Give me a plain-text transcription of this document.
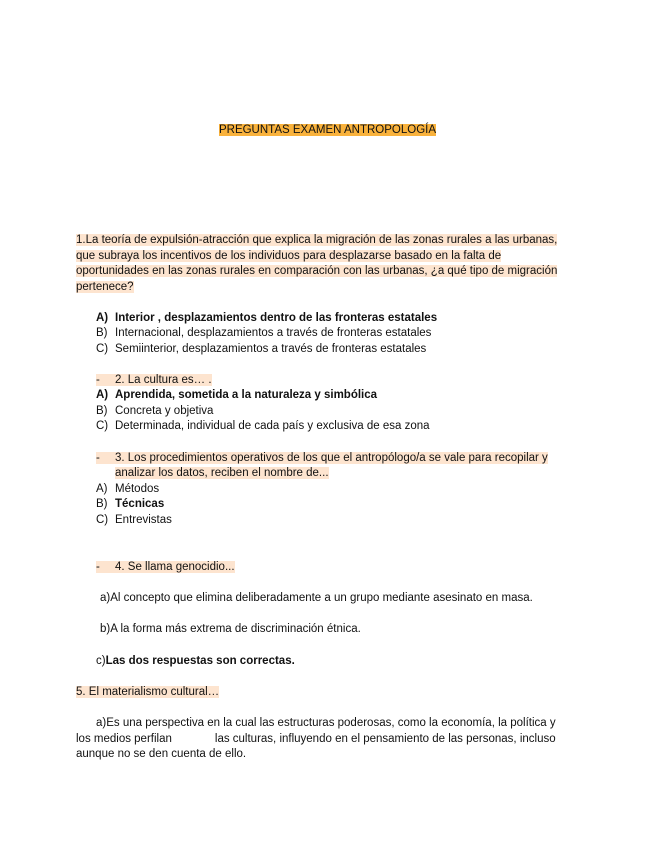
PREGUNTAS EXAMEN ANTROPOLOGÍA
1.La teoría de expulsión-atracción que explica la migración de las zonas rurales a las urbanas, que subraya los incentivos de los individuos para desplazarse basado en la falta de oportunidades en las zonas rurales en comparación con las urbanas, ¿a qué tipo de migración pertenece?
A) Interior , desplazamientos dentro de las fronteras estatales
B) Internacional, desplazamientos a través de fronteras estatales
C) Semiinterior, desplazamientos a través de fronteras estatales
- 2. La cultura es… .
A) Aprendida, sometida a la naturaleza y simbólica
B) Concreta y objetiva
C) Determinada, individual de cada país y exclusiva de esa zona
- 3. Los procedimientos operativos de los que el antropólogo/a se vale para recopilar y
analizar los datos, reciben el nombre de...
A) Métodos
B) Técnicas
C) Entrevistas
- 4. Se llama genocidio...
a)Al concepto que elimina deliberadamente a un grupo mediante asesinato en masa.
b)A la forma más extrema de discriminación étnica.
c)Las dos respuestas son correctas.
5. El materialismo cultural…
a)Es una perspectiva en la cual las estructuras poderosas, como la economía, la política y
los medios perfilan	las culturas, influyendo en el pensamiento de las personas, incluso
aunque no se den cuenta de ello.
